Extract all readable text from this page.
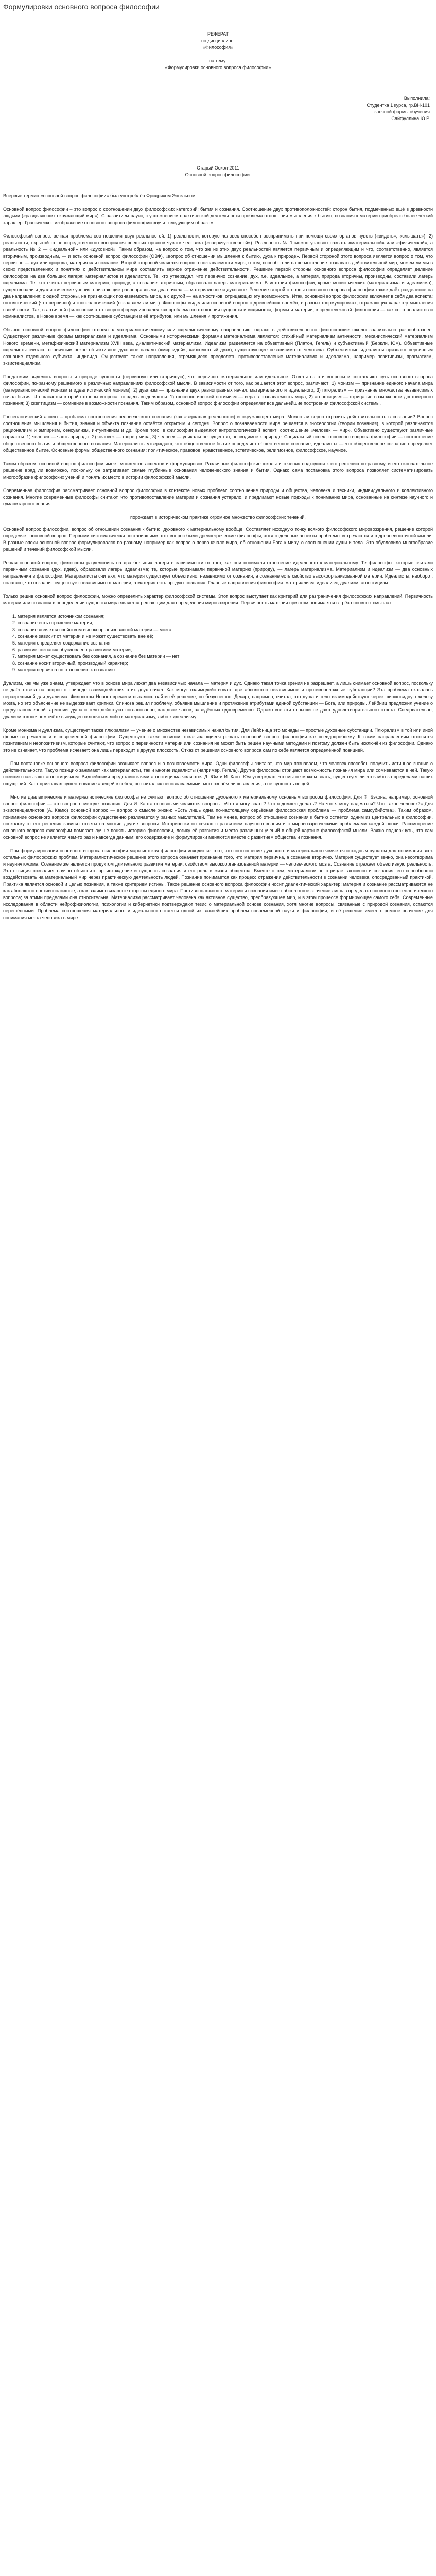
Формулировки основного вопроса философии
РЕФЕРАТ
по дисциплине:
«Философия»
на тему:
«Формулировки основного вопроса философии»
Выполнила:
Студентка 1 курса, гр.ВН-101
заочной формы обучения
Сайфуллина Ю.Р.
Старый Оскол-2011
Основной вопрос философии.

Впервые термин «основной вопрос философии» был употреблён Фридрихом Энгельсом.

Основной вопрос философии – это вопрос о соотношении двух философских категорий: бытия и сознания. Соотношение двух противоположностей: сторон бытия, подмеченных ещё в древности людьми («разделяющих окружающий мир»). С развитием науки, с усложнением практической деятельности проблема отношения мышления к бытию, сознания к материи приобрела более чёткий характер. Графическое изображение основного вопроса философии звучит следующим образом:

Философский вопрос: вечная проблема соотношения двух реальностей: 1) реальности, которую человек способен воспринимать при помощи своих органов чувств («видеть», «слышать»), 2) реальности, скрытой от непосредственного восприятия внешних органов чувств человека («сверхчувственной»). Реальность № 1 можно условно назвать «материальной» или «физической», а реальность № 2 — «идеальной» или «духовной». Таким образом, на вопрос о том, что же из этих двух реальностей является первичным и определяющим и что, соответственно, является вторичным, производным, — и есть основной вопрос философии (ОВФ), «вопрос об отношении мышления к бытию, духа к природе». Первой стороной этого вопроса является вопрос о том, что первично — дух или природа, материя или сознание. Второй стороной является вопрос о познаваемости мира, о том, способно ли наше мышление познавать действительный мир, можем ли мы в своих представлениях и понятиях о действительном мире составлять верное отражение действительности. Решение первой стороны основного вопроса философии определяет деление философов на два больших лагеря: материалистов и идеалистов. Те, кто утверждал, что первично сознание, дух, т.е. идеальное, а материя, природа вторичны, производны, составили лагерь идеализма. Те, кто считал первичным материю, природу, а сознание вторичным, образовали лагерь материализма. В истории философии, кроме монистических (материализма и идеализма), существовали и дуалистические учения, признающие равноправными два начала — материальное и духовное. Решение второй стороны основного вопроса философии также даёт разделение на два направления: с одной стороны, на признающих познаваемость мира, а с другой — на агностиков, отрицающих эту возможность. Итак, основной вопрос философии включает в себя два аспекта: онтологический (что первично) и гносеологический (познаваем ли мир). Философы выделяли основной вопрос с древнейших времён, в разных формулировках, отражающих характер мышления своей эпохи. Так, в античной философии этот вопрос формулировался как проблема соотношения сущности и видимости, формы и материи, в средневековой философии — как спор реалистов и номиналистов, в Новое время — как соотношение субстанции и её атрибутов, или мышления и протяжения.

Обычно основной вопрос философии относят к материалистическому или идеалистическому направлению, однако в действительности философские школы значительно разнообразнее. Существуют различные формы материализма и идеализма. Основными историческими формами материализма являются: стихийный материализм античности, механистический материализм Нового времени, метафизический материализм XVIII века, диалектический материализм. Идеализм разделяется на объективный (Платон, Гегель) и субъективный (Беркли, Юм). Объективные идеалисты считают первичным некое объективное духовное начало («мир идей», «абсолютный дух»), существующее независимо от человека. Субъективные идеалисты признают первичным сознание отдельного субъекта, индивида. Существуют также направления, стремящиеся преодолеть противопоставление материализма и идеализма, например позитивизм, прагматизм, экзистенциализм.

Предложим выделить вопросы и природе сущности (первичную или вторичную), что первично: материальное или идеальное. Ответы на эти вопросы и составляют суть основного вопроса философии, по-разному решаемого в различных направлениях философской мысли. В зависимости от того, как решается этот вопрос, различают: 1) монизм — признание единого начала мира (материалистический монизм и идеалистический монизм); 2) дуализм — признание двух равноправных начал: материального и идеального; 3) плюрализм — признание множества независимых начал бытия. Что касается второй стороны вопроса, то здесь выделяются: 1) гносеологический оптимизм — вера в познаваемость мира; 2) агностицизм — отрицание возможности достоверного познания; 3) скептицизм — сомнение в возможности познания. Таким образом, основной вопрос философии определяет все дальнейшие построения философской системы.

Гносеологический аспект – проблема соотношения человеческого сознания (как «зеркала» реальности) и окружающего мира. Можно ли верно отразить действительность в сознании? Вопрос соотношения мышления и бытия, знания и объекта познания остаётся открытым и сегодня. Вопрос о познаваемости мира решается в гносеологии (теории познания), в которой различаются рационализм и эмпиризм, сенсуализм, интуитивизм и др. Кроме того, в философии выделяют антропологический аспект: соотношение «человек — мир». Объективно существуют различные варианты: 1) человек — часть природы; 2) человек — творец мира; 3) человек — уникальное существо, несводимое к природе. Социальный аспект основного вопроса философии — соотношение общественного бытия и общественного сознания. Материалисты утверждают, что общественное бытие определяет общественное сознание, идеалисты — что общественное сознание определяет общественное бытие. Основные формы общественного сознания: политическое, правовое, нравственное, эстетическое, религиозное, философское, научное.

Таким образом, основной вопрос философии имеет множество аспектов и формулировок. Различные философские школы и течения подходили к его решению по-разному, и его окончательное решение вряд ли возможно, поскольку он затрагивает самые глубинные основания человеческого знания и бытия. Однако сама постановка этого вопроса позволяет систематизировать многообразие философских учений и понять их место в истории философской мысли.

Современная философия рассматривает основной вопрос философии в контексте новых проблем: соотношение природы и общества, человека и техники, индивидуального и коллективного сознания. Многие современные философы считают, что противопоставление материи и сознания устарело, и предлагают новые подходы к пониманию мира, основанные на синтезе научного и гуманитарного знания.

порождает в историческом практике огромное множество философских течений.

Основной вопрос философии, вопрос об отношении сознания к бытию, духовного к материальному вообще. Составляет исходную точку всякого философского мировоззрения, решение которой определяет основной вопрос. Первыми систематически поставившими этот вопрос были древнегреческие философы, хотя отдельные аспекты проблемы встречаются и в древневосточной мысли. В разные эпохи основной вопрос формулировался по-разному, например как вопрос о первоначале мира, об отношении Бога к миру, о соотношении души и тела. Это обусловило многообразие решений и течений философской мысли.

Решая основной вопрос, философы разделились на два больших лагеря в зависимости от того, как они понимали отношение идеального к материальному. Те философы, которые считали первичным сознание (дух, идею), образовали лагерь идеализма; те, которые признавали первичной материю (природу), — лагерь материализма. Материализм и идеализм — два основных направления в философии. Материалисты считают, что материя существует объективно, независимо от сознания, а сознание есть свойство высокоорганизованной материи. Идеалисты, наоборот, полагают, что сознание существует независимо от материи, а материя есть продукт сознания. Главные направления философии: материализм, идеализм, дуализм, агностицизм.

Только решив основной вопрос философии, можно определить характер философской системы. Этот вопрос выступает как критерий для разграничения философских направлений. Первичность материи или сознания в определении сущности мира является решающим для определения мировоззрения. Первичность материи при этом понимается в трёх основных смыслах:

1. материя является источником сознания;
2. сознание есть отражение материи;
3. сознание является свойством высокоорганизованной материи — мозга;
4. сознание зависит от материи и не может существовать вне её;
5. материя определяет содержание сознания;
6. развитие сознания обусловлено развитием материи;
7. материя может существовать без сознания, а сознание без материи — нет;
8. сознание носит вторичный, производный характер;
9. материя первична по отношению к сознанию.

Дуализм, как мы уже знаем, утверждает, что в основе мира лежат два независимых начала — материя и дух. Однако такая точка зрения не разрешает, а лишь снимает основной вопрос, поскольку не даёт ответа на вопрос о природе взаимодействия этих двух начал. Как могут взаимодействовать две абсолютно независимые и противоположные субстанции? Эта проблема оказалась неразрешимой для дуализма. Философы Нового времени пытались найти её решение, но безуспешно. Декарт, например, считал, что душа и тело взаимодействуют через шишковидную железу мозга, но это объяснение не выдерживает критики. Спиноза решил проблему, объявив мышление и протяжение атрибутами единой субстанции — Бога, или природы. Лейбниц предложил учение о предустановленной гармонии: душа и тело действуют согласованно, как двое часов, заведённых одновременно. Однако все эти попытки не дают удовлетворительного ответа. Следовательно, дуализм в конечном счёте вынужден склоняться либо к материализму, либо к идеализму.

Кроме монизма и дуализма, существует также плюрализм — учение о множестве независимых начал бытия. Для Лейбница это монады — простые духовные субстанции. Плюрализм в той или иной форме встречается и в современной философии. Существуют также позиции, отказывающиеся решать основной вопрос философии как псевдопроблему. К таким направлениям относятся позитивизм и неопозитивизм, которые считают, что вопрос о первичности материи или сознания не может быть решён научными методами и поэтому должен быть исключён из философии. Однако это не означает, что проблема исчезает: она лишь переходит в другую плоскость. Отказ от решения основного вопроса сам по себе является определённой позицией.

При постановке основного вопроса философии возникает вопрос и о познаваемости мира. Одни философы считают, что мир познаваем, что человек способен получить истинное знание о действительности. Такую позицию занимают как материалисты, так и многие идеалисты (например, Гегель). Другие философы отрицают возможность познания мира или сомневаются в ней. Такую позицию называют агностицизмом. Виднейшими представителями агностицизма являются Д. Юм и И. Кант. Юм утверждал, что мы не можем знать, существует ли что-либо за пределами наших ощущений. Кант признавал существование «вещей в себе», но считал их непознаваемыми: мы познаём лишь явления, а не сущность вещей.

Многие диалектические и материалистические философы не считают вопрос об отношении духовного к материальному основным вопросом философии. Для Ф. Бэкона, например, основной вопрос философии — это вопрос о методе познания. Для И. Канта основными являются вопросы: «Что я могу знать? Что я должен делать? На что я могу надеяться? Что такое человек?» Для экзистенциалистов (А. Камю) основной вопрос — вопрос о смысле жизни: «Есть лишь одна по-настоящему серьёзная философская проблема — проблема самоубийства». Таким образом, понимание основного вопроса философии существенно различается у разных мыслителей. Тем не менее, вопрос об отношении сознания к бытию остаётся одним из центральных в философии, поскольку от его решения зависят ответы на многие другие вопросы. Исторически он связан с развитием научного знания и с мировоззренческими проблемами каждой эпохи. Рассмотрение основного вопроса философии помогает лучше понять историю философии, логику её развития и место различных учений в общей картине философской мысли. Важно подчеркнуть, что сам основной вопрос не является чем-то раз и навсегда данным: его содержание и формулировки меняются вместе с развитием общества и познания.

При формулировании основного вопроса философии марксистская философия исходит из того, что соотношение духовного и материального является исходным пунктом для понимания всех остальных философских проблем. Материалистическое решение этого вопроса означает признание того, что материя первична, а сознание вторично. Материя существует вечно, она несотворима и неуничтожима. Сознание же является продуктом длительного развития материи, свойством высокоорганизованной материи — человеческого мозга. Сознание отражает объективную реальность. Эта позиция позволяет научно объяснить происхождение и сущность сознания и его роль в жизни общества. Вместе с тем, материализм не отрицает активности сознания, его способности воздействовать на материальный мир через практическую деятельность людей. Познание понимается как процесс отражения действительности в сознании человека, опосредованный практикой. Практика является основой и целью познания, а также критерием истины. Такое решение основного вопроса философии носит диалектический характер: материя и сознание рассматриваются не как абсолютно противоположные, а как взаимосвязанные стороны единого мира. Противоположность материи и сознания имеет абсолютное значение лишь в пределах основного гносеологического вопроса; за этими пределами она относительна. Материализм рассматривает человека как активное существо, преобразующее мир, и в этом процессе формирующее самого себя. Современные исследования в области нейрофизиологии, психологии и кибернетики подтверждают тезис о материальной основе сознания, хотя многие вопросы, связанные с природой сознания, остаются нерешёнными. Проблема соотношения материального и идеального остаётся одной из важнейших проблем современной науки и философии, и её решение имеет огромное значение для понимания места человека в мире.
